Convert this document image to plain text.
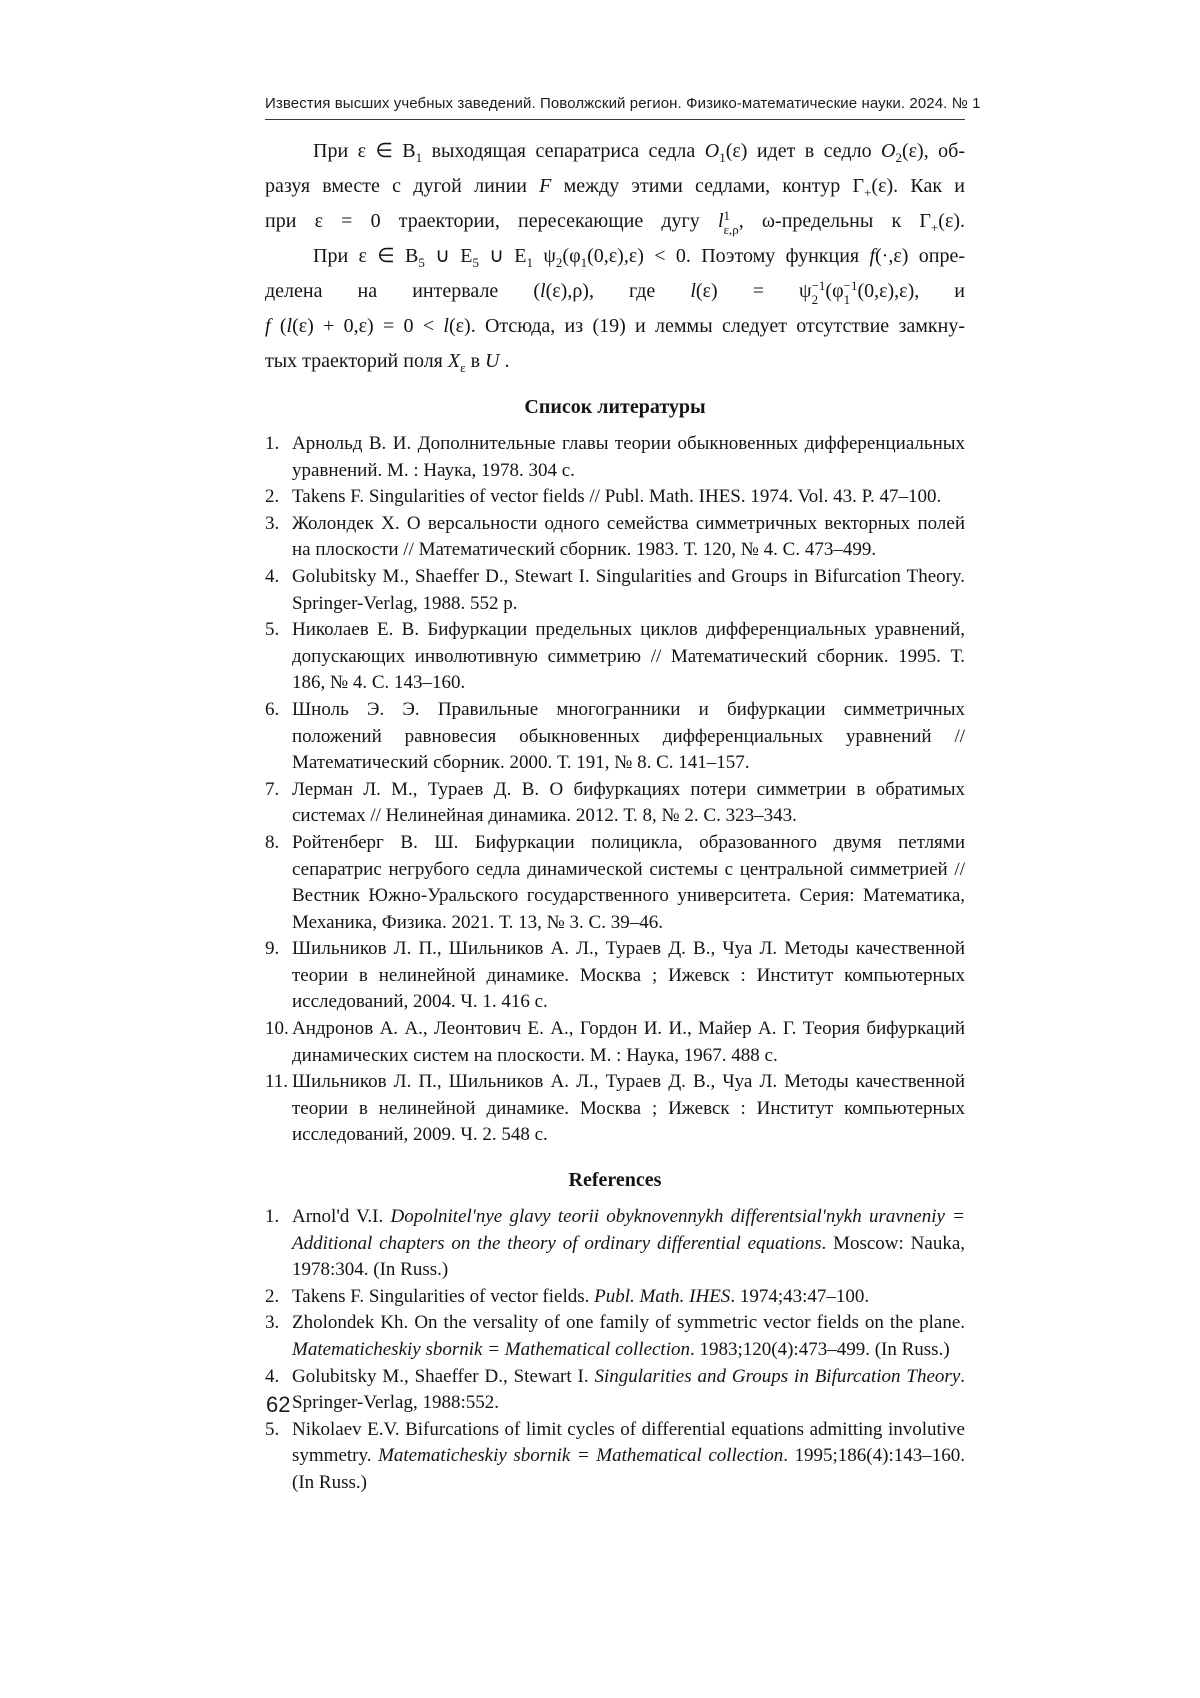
Известия высших учебных заведений. Поволжский регион. Физико-математические науки. 2024. № 1
При ε ∈ $B_1$ выходящая сепаратриса седла $O_1(\varepsilon)$ идет в седло $O_2(\varepsilon)$, об-
разуя вместе с дугой линии F между этими седлами, контур $\Gamma_+(\varepsilon)$. Как и
при ε = 0 траектории, пересекающие дугу l 1
ε,ρ , ω-предельны к $\Gamma_+(\varepsilon)$.
При ε ∈ $B_5$ ∪ $E_5$ ∪ $E_1$ $\psi_2(\varphi_1(0,\varepsilon),\varepsilon) < 0$. Поэтому функция f(·,ε) опре-
делена на интервале (l(ε),ρ), где l(ε) = ψ −1
2 (φ −1
1 (0,ε),ε), и
f (l(ε) + 0,ε) = 0 < l(ε). Отсюда, из (19) и леммы следует отсутствие замкну-
тых траекторий поля $X_\varepsilon$ в U .
Список литературы
1. Арнольд В. И. Дополнительные главы теории обыкновенных дифференциальных уравнений. М. : Наука, 1978. 304 с.
2. Takens F. Singularities of vector fields // Publ. Math. IHES. 1974. Vol. 43. P. 47–100.
3. Жолондек Х. О версальности одного семейства симметричных векторных полей на плоскости // Математический сборник. 1983. Т. 120, № 4. С. 473–499.
4. Golubitsky M., Shaeffer D., Stewart I. Singularities and Groups in Bifurcation Theory. Springer-Verlag, 1988. 552 p.
5. Николаев Е. В. Бифуркации предельных циклов дифференциальных уравнений, допускающих инволютивную симметрию // Математический сборник. 1995. Т. 186, № 4. С. 143–160.
6. Шноль Э. Э. Правильные многогранники и бифуркации симметричных положений равновесия обыкновенных дифференциальных уравнений // Математический сборник. 2000. Т. 191, № 8. С. 141–157.
7. Лерман Л. М., Тураев Д. В. О бифуркациях потери симметрии в обратимых системах // Нелинейная динамика. 2012. Т. 8, № 2. С. 323–343.
8. Ройтенберг В. Ш. Бифуркации полицикла, образованного двумя петлями сепаратрис негрубого седла динамической системы с центральной симметрией // Вестник Южно-Уральского государственного университета. Серия: Математика, Механика, Физика. 2021. Т. 13, № 3. С. 39–46.
9. Шильников Л. П., Шильников А. Л., Тураев Д. В., Чуа Л. Методы качественной теории в нелинейной динамике. Москва ; Ижевск : Институт компьютерных исследований, 2004. Ч. 1. 416 с.
10. Андронов А. А., Леонтович Е. А., Гордон И. И., Майер А. Г. Теория бифуркаций динамических систем на плоскости. М. : Наука, 1967. 488 с.
11. Шильников Л. П., Шильников А. Л., Тураев Д. В., Чуа Л. Методы качественной теории в нелинейной динамике. Москва ; Ижевск : Институт компьютерных исследований, 2009. Ч. 2. 548 с.
References
1. Arnol'd V.I. Dopolnitel'nye glavy teorii obyknovennykh differentsial'nykh uravneniy = Additional chapters on the theory of ordinary differential equations. Moscow: Nauka, 1978:304. (In Russ.)
2. Takens F. Singularities of vector fields. Publ. Math. IHES. 1974;43:47–100.
3. Zholondek Kh. On the versality of one family of symmetric vector fields on the plane. Matematicheskiy sbornik = Mathematical collection. 1983;120(4):473–499. (In Russ.)
4. Golubitsky M., Shaeffer D., Stewart I. Singularities and Groups in Bifurcation Theory. Springer-Verlag, 1988:552.
5. Nikolaev E.V. Bifurcations of limit cycles of differential equations admitting involutive symmetry. Matematicheskiy sbornik = Mathematical collection. 1995;186(4):143–160. (In Russ.)
62
